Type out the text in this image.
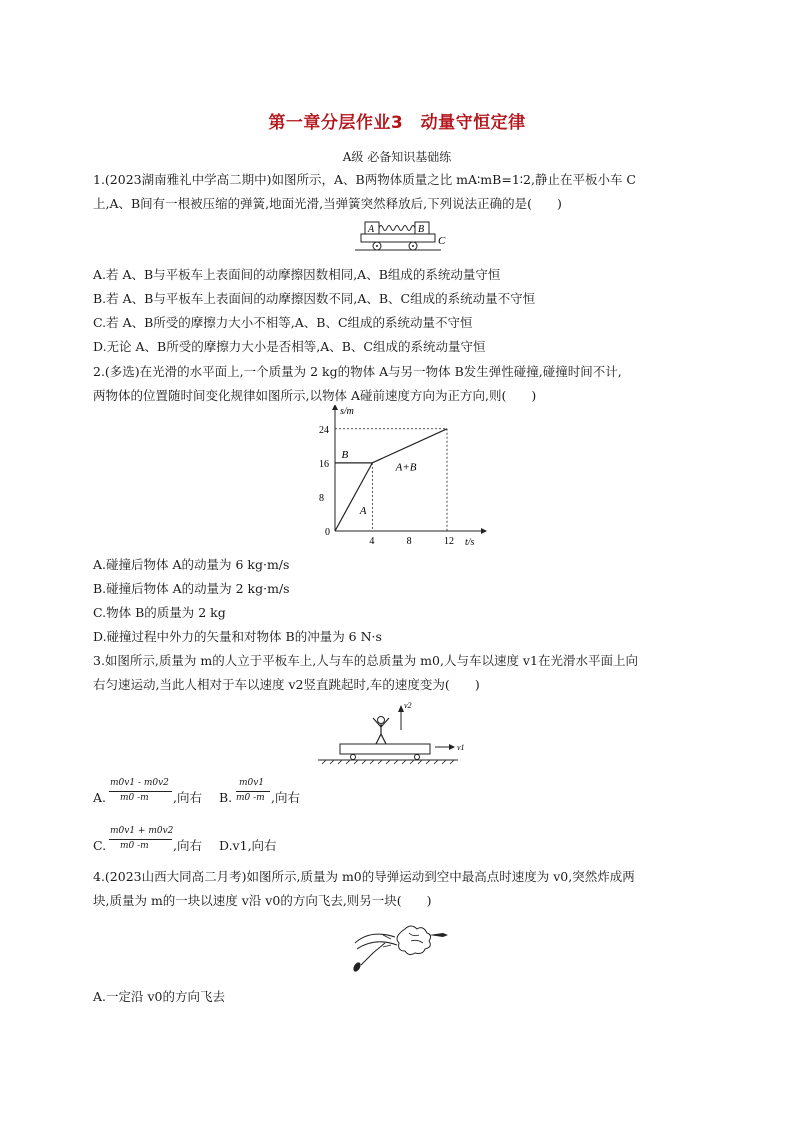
第一章分层作业3　动量守恒定律
A级 必备知识基础练
1.(2023湖南雅礼中学高二期中)如图所示，A、B两物体质量之比 mA∶mB=1∶2,静止在平板小车 C
上,A、B间有一根被压缩的弹簧,地面光滑,当弹簧突然释放后,下列说法正确的是(　　)
A	B
C
A.若 A、B与平板车上表面间的动摩擦因数相同,A、B组成的系统动量守恒
B.若 A、B与平板车上表面间的动摩擦因数不同,A、B、C组成的系统动量不守恒
C.若 A、B所受的摩擦力大小不相等,A、B、C组成的系统动量不守恒
D.无论 A、B所受的摩擦力大小是否相等,A、B、C组成的系统动量守恒
2.(多选)在光滑的水平面上,一个质量为 2 kg的物体 A与另一物体 B发生弹性碰撞,碰撞时间不计,
两物体的位置随时间变化规律如图所示,以物体 A碰前速度方向为正方向,则(　　)
s/m
t/s
0
4	8	12
8
16
24
A
B
A+B
A.碰撞后物体 A的动量为 6 kg·m/s
B.碰撞后物体 A的动量为 2 kg·m/s
C.物体 B的质量为 2 kg
D.碰撞过程中外力的矢量和对物体 B的冲量为 6 N·s
3.如图所示,质量为 m的人立于平板车上,人与车的总质量为 m0,人与车以速度 v1在光滑水平面上向
右匀速运动,当此人相对于车以速度 v2竖直跳起时,车的速度变为(　　)
v2
v1
A.
m0v1 - m0v2
m0 -m ,向右 B.
m0v1
m0 -m ,向右
C.
m0v1 + m0v2
m0 -m ,向右 D.v1,向右
4.(2023山西大同高二月考)如图所示,质量为 m0的导弹运动到空中最高点时速度为 v0,突然炸成两
块,质量为 m的一块以速度 v沿 v0的方向飞去,则另一块(　　)
A.一定沿 v0的方向飞去
